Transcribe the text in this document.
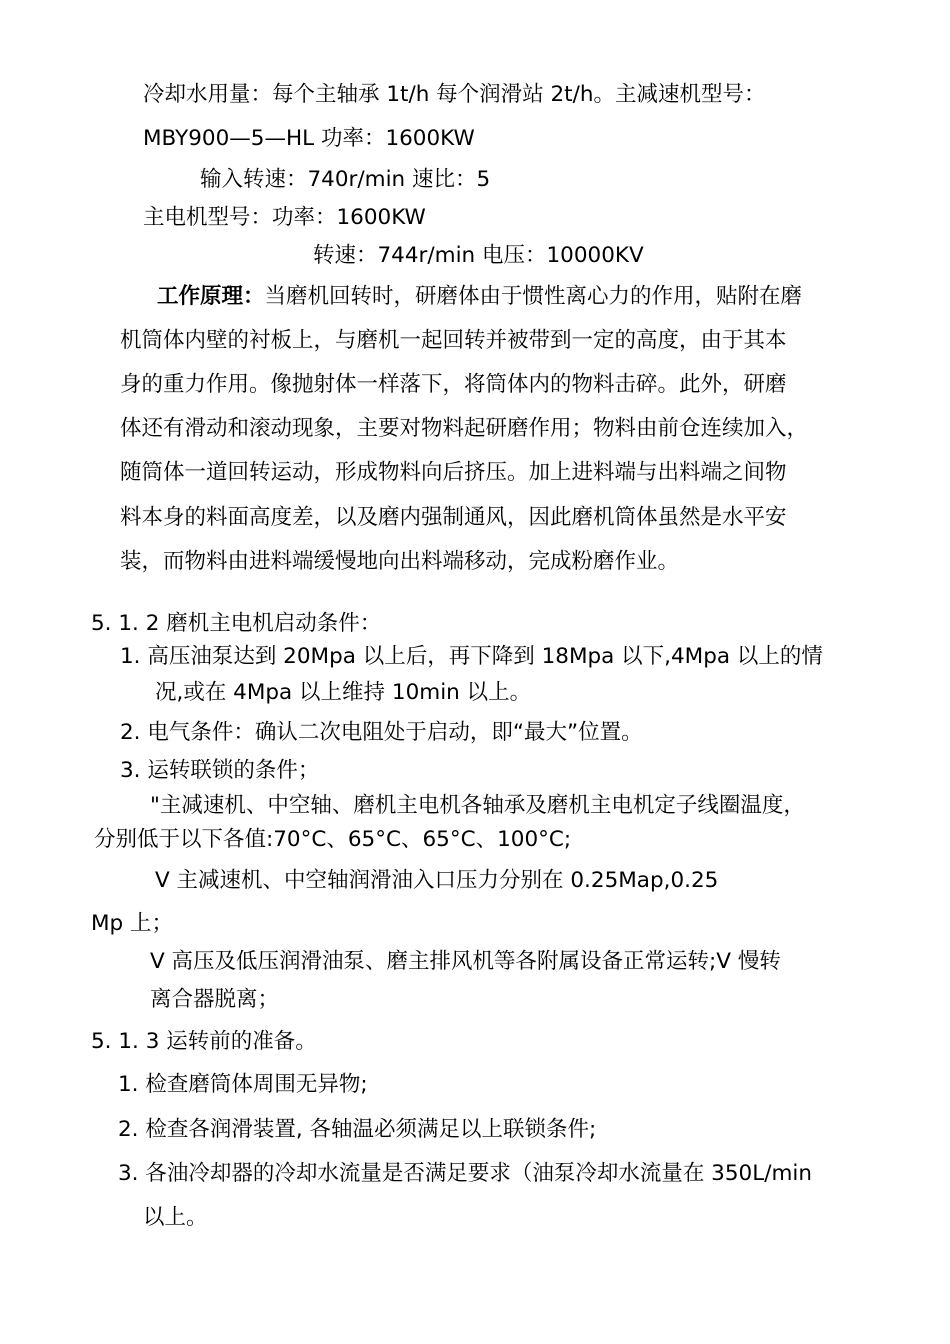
冷却水用量：每个主轴承 1t/h 每个润滑站 2t/h。主减速机型号：

MBY900—5—HL 功率：1600KW

输入转速：740r/min 速比：5

主电机型号：功率：1600KW

转速：744r/min 电压：10000KV

工作原理：当磨机回转时，研磨体由于惯性离心力的作用，贴附在磨

机筒体内壁的衬板上，与磨机一起回转并被带到一定的高度，由于其本

身的重力作用。像抛射体一样落下，将筒体内的物料击碎。此外，研磨

体还有滑动和滚动现象，主要对物料起研磨作用；物料由前仓连续加入，

随筒体一道回转运动，形成物料向后挤压。加上进料端与出料端之间物

料本身的料面高度差，以及磨内强制通风，因此磨机筒体虽然是水平安

装，而物料由进料端缓慢地向出料端移动，完成粉磨作业。

5. 1. 2 磨机主电机启动条件：

1. 高压油泵达到 20Mpa 以上后，再下降到 18Mpa 以下,4Mpa 以上的情

况,或在 4Mpa 以上维持 10min 以上。

2. 电气条件：确认二次电阻处于启动，即“最大”位置。

3. 运转联锁的条件；

"主减速机、中空轴、磨机主电机各轴承及磨机主电机定子线圈温度，

分别低于以下各值:70°C、65°C、65°C、100°C;

V 主减速机、中空轴润滑油入口压力分别在 0.25Map,0.25

Mp 上；

V 高压及低压润滑油泵、磨主排风机等各附属设备正常运转;V 慢转

离合器脱离；

5. 1. 3 运转前的准备。

1. 检查磨筒体周围无异物;

2. 检查各润滑装置, 各轴温必须满足以上联锁条件;

3. 各油冷却器的冷却水流量是否满足要求（油泵冷却水流量在 350L/min

以上。
